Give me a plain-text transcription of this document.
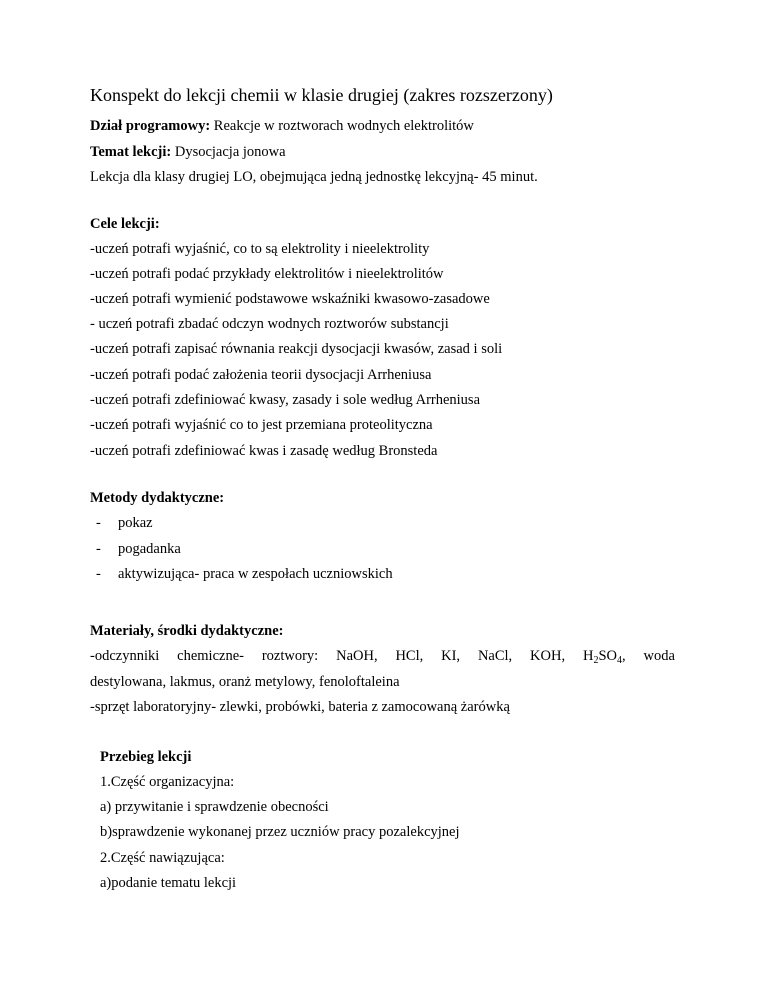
Konspekt do lekcji chemii w klasie drugiej (zakres rozszerzony)
Dział programowy: Reakcje w roztworach wodnych elektrolitów
Temat lekcji: Dysocjacja jonowa
Lekcja dla klasy drugiej LO, obejmująca jedną jednostkę lekcyjną- 45 minut.
Cele lekcji:
-uczeń potrafi wyjaśnić, co to są elektrolity i nieelektrolity
-uczeń potrafi podać przykłady elektrolitów i nieelektrolitów
-uczeń potrafi wymienić podstawowe wskaźniki kwasowo-zasadowe
- uczeń potrafi zbadać odczyn wodnych roztworów substancji
-uczeń potrafi zapisać równania reakcji dysocjacji kwasów, zasad i soli
-uczeń potrafi podać założenia teorii dysocjacji Arrheniusa
-uczeń potrafi zdefiniować kwasy, zasady i sole według Arrheniusa
-uczeń potrafi wyjaśnić co to jest przemiana proteolityczna
-uczeń potrafi zdefiniować kwas i zasadę według Bronsteda
Metody dydaktyczne:
- pokaz
- pogadanka
- aktywizująca- praca w zespołach uczniowskich
Materiały, środki dydaktyczne:
-odczynniki chemiczne- roztwory: NaOH, HCl, KI, NaCl, KOH, $H_2SO_4$, woda
destylowana, lakmus, oranż metylowy, fenoloftaleina
-sprzęt laboratoryjny- zlewki, probówki, bateria z zamocowaną żarówką
Przebieg lekcji
1.Część organizacyjna:
a) przywitanie i sprawdzenie obecności
b)sprawdzenie wykonanej przez uczniów pracy pozalekcyjnej
2.Część nawiązująca:
a)podanie tematu lekcji
